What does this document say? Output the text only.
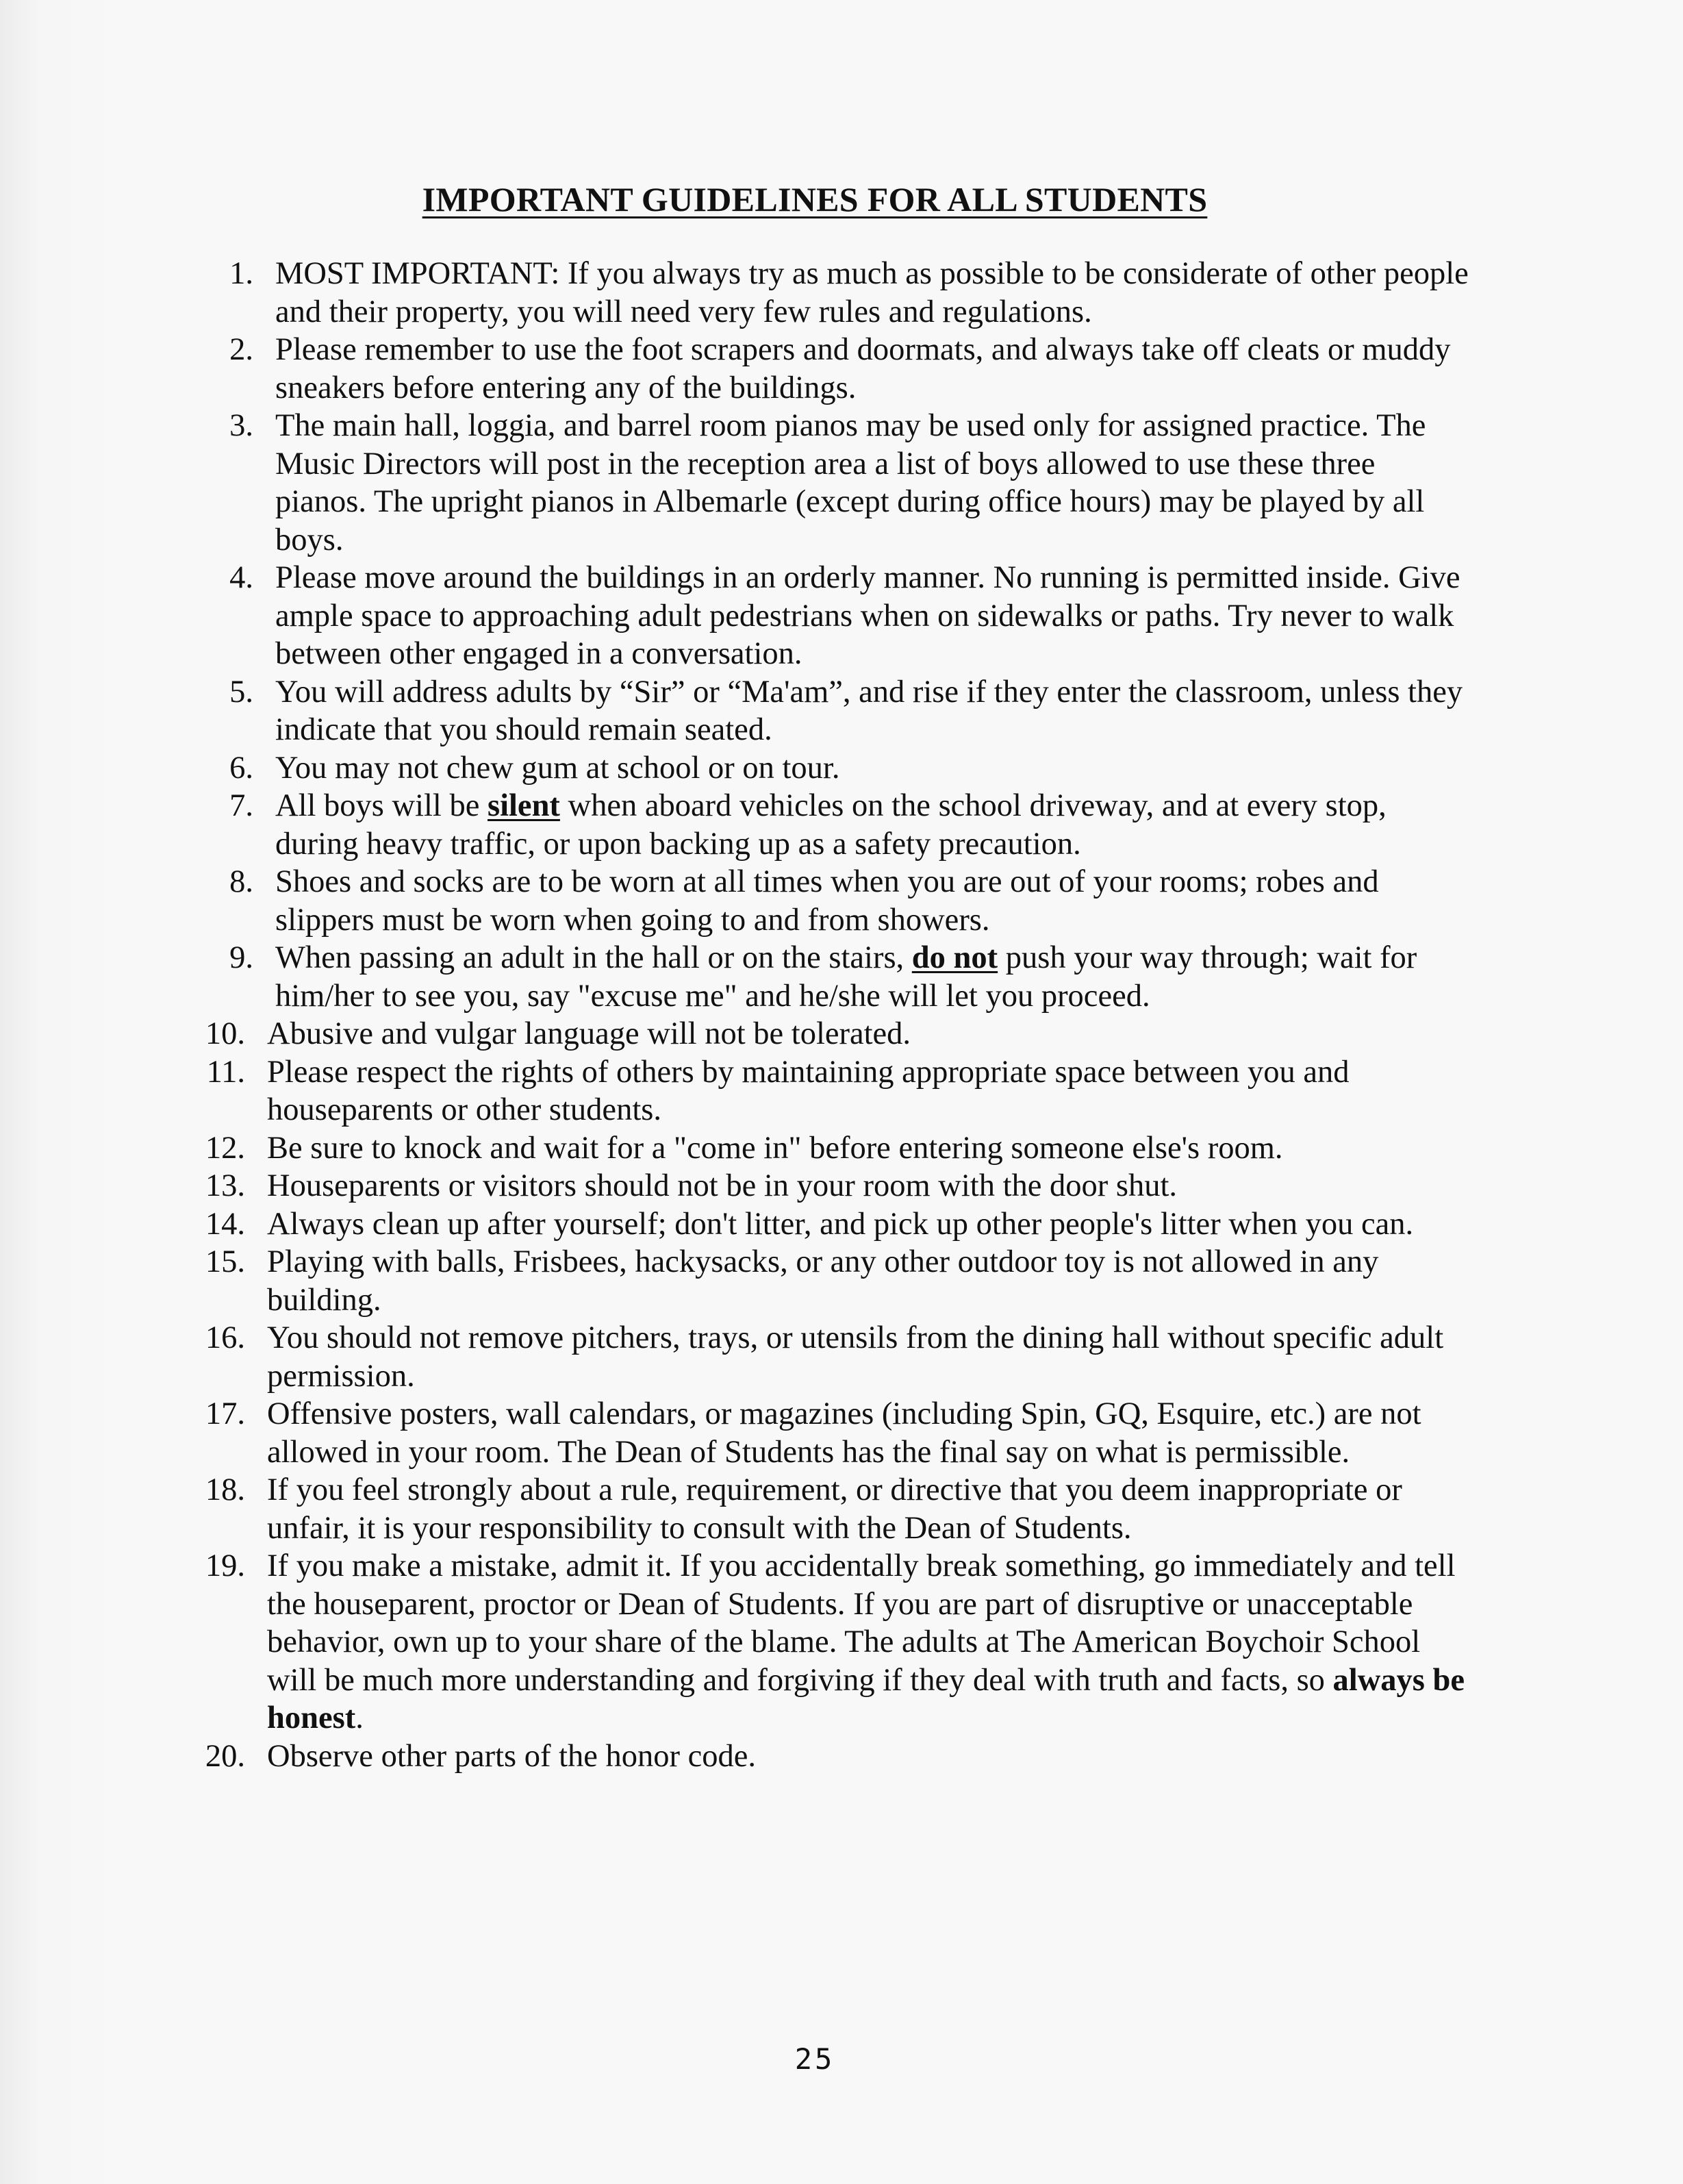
IMPORTANT GUIDELINES FOR ALL STUDENTS
1. MOST IMPORTANT: If you always try as much as possible to be considerate of other people and their property, you will need very few rules and regulations.
2. Please remember to use the foot scrapers and doormats, and always take off cleats or muddy sneakers before entering any of the buildings.
3. The main hall, loggia, and barrel room pianos may be used only for assigned practice. The Music Directors will post in the reception area a list of boys allowed to use these three pianos. The upright pianos in Albemarle (except during office hours) may be played by all boys.
4. Please move around the buildings in an orderly manner. No running is permitted inside. Give ample space to approaching adult pedestrians when on sidewalks or paths. Try never to walk between other engaged in a conversation.
5. You will address adults by “Sir” or “Ma'am”, and rise if they enter the classroom, unless they indicate that you should remain seated.
6. You may not chew gum at school or on tour.
7. All boys will be silent when aboard vehicles on the school driveway, and at every stop, during heavy traffic, or upon backing up as a safety precaution.
8. Shoes and socks are to be worn at all times when you are out of your rooms; robes and slippers must be worn when going to and from showers.
9. When passing an adult in the hall or on the stairs, do not push your way through; wait for him/her to see you, say "excuse me" and he/she will let you proceed.
10. Abusive and vulgar language will not be tolerated.
11. Please respect the rights of others by maintaining appropriate space between you and houseparents or other students.
12. Be sure to knock and wait for a "come in" before entering someone else's room.
13. Houseparents or visitors should not be in your room with the door shut.
14. Always clean up after yourself; don't litter, and pick up other people's litter when you can.
15. Playing with balls, Frisbees, hackysacks, or any other outdoor toy is not allowed in any building.
16. You should not remove pitchers, trays, or utensils from the dining hall without specific adult permission.
17. Offensive posters, wall calendars, or magazines (including Spin, GQ, Esquire, etc.) are not allowed in your room. The Dean of Students has the final say on what is permissible.
18. If you feel strongly about a rule, requirement, or directive that you deem inappropriate or unfair, it is your responsibility to consult with the Dean of Students.
19. If you make a mistake, admit it. If you accidentally break something, go immediately and tell the houseparent, proctor or Dean of Students. If you are part of disruptive or unacceptable behavior, own up to your share of the blame. The adults at The American Boychoir School will be much more understanding and forgiving if they deal with truth and facts, so always be honest.
20. Observe other parts of the honor code.
25
